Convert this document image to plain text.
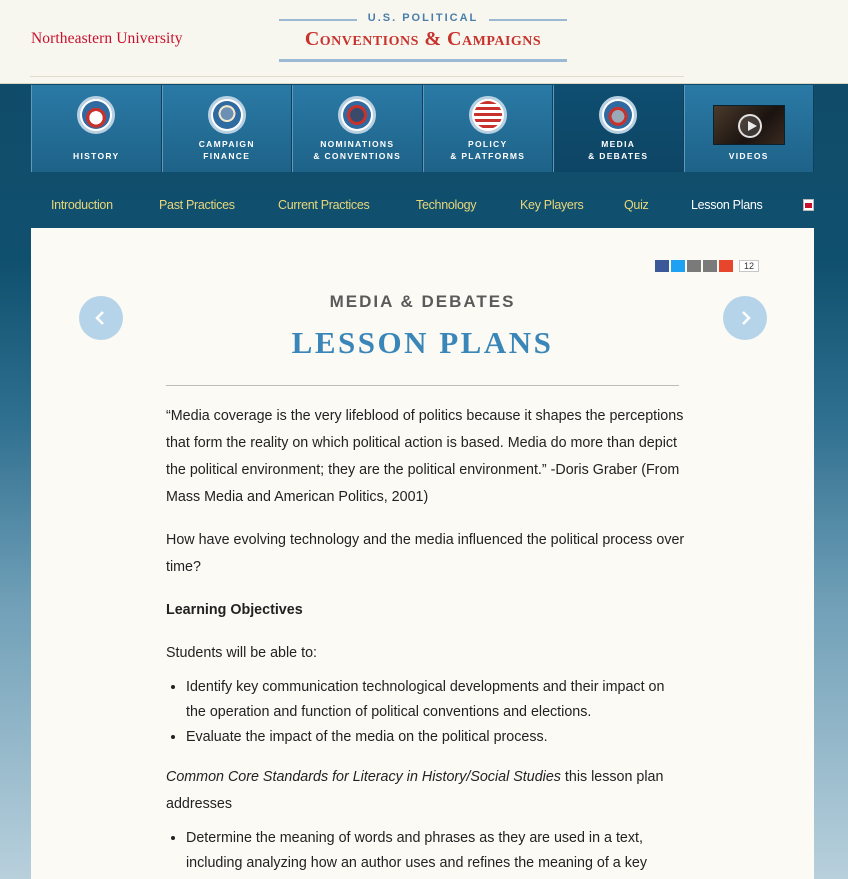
Northeastern University
U.S. POLITICAL
Conventions & Campaigns

HISTORY
CAMPAIGN
FINANCE
NOMINATIONS
& CONVENTIONS
POLICY
& PLATFORMS
MEDIA
& DEBATES	VIDEOS
Introduction	Past Practices	Current Practices	Technology	Key Players	Quiz	Lesson Plans
12
MEDIA & DEBATES
LESSON PLANS

“Media coverage is the very lifeblood of politics because it shapes the perceptions that form the reality on which political action is based. Media do more than depict the political environment; they are the political environment.” -Doris Graber (From Mass Media and American Politics, 2001)

How have evolving technology and the media influenced the political process over time?

Learning Objectives

Students will be able to:

• Identify key communication technological developments and their impact on the operation and function of political conventions and elections.
• Evaluate the impact of the media on the political process.

Common Core Standards for Literacy in History/Social Studies this lesson plan addresses

• Determine the meaning of words and phrases as they are used in a text, including analyzing how an author uses and refines the meaning of a key
